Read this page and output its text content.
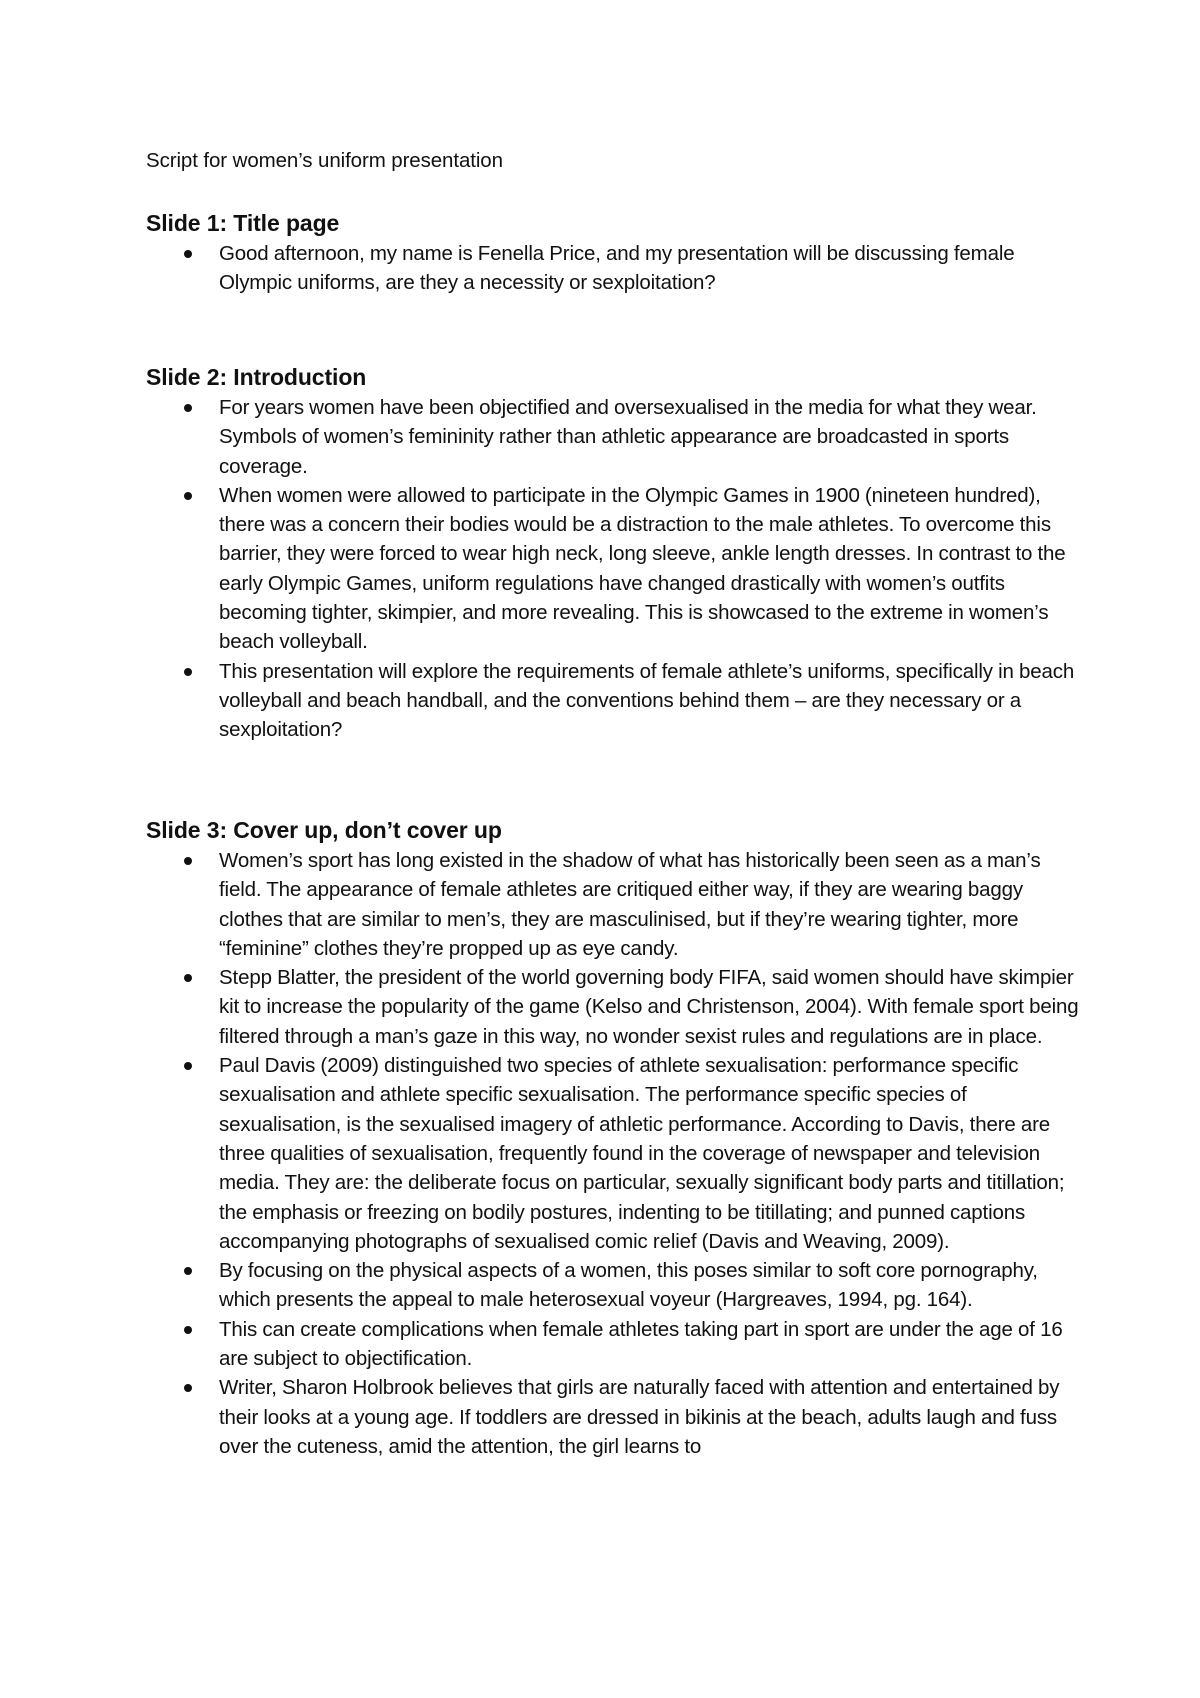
Script for women’s uniform presentation
Slide 1: Title page
Good afternoon, my name is Fenella Price, and my presentation will be discussing female Olympic uniforms, are they a necessity or sexploitation?
Slide 2: Introduction
For years women have been objectified and oversexualised in the media for what they wear. Symbols of women’s femininity rather than athletic appearance are broadcasted in sports coverage.
When women were allowed to participate in the Olympic Games in 1900 (nineteen hundred), there was a concern their bodies would be a distraction to the male athletes. To overcome this barrier, they were forced to wear high neck, long sleeve, ankle length dresses. In contrast to the early Olympic Games, uniform regulations have changed drastically with women’s outfits becoming tighter, skimpier, and more revealing. This is showcased to the extreme in women’s beach volleyball.
This presentation will explore the requirements of female athlete’s uniforms, specifically in beach volleyball and beach handball, and the conventions behind them – are they necessary or a sexploitation?
Slide 3: Cover up, don’t cover up
Women’s sport has long existed in the shadow of what has historically been seen as a man’s field. The appearance of female athletes are critiqued either way, if they are wearing baggy clothes that are similar to men’s, they are masculinised, but if they’re wearing tighter, more “feminine” clothes they’re propped up as eye candy.
Stepp Blatter, the president of the world governing body FIFA, said women should have skimpier kit to increase the popularity of the game (Kelso and Christenson, 2004). With female sport being filtered through a man’s gaze in this way, no wonder sexist rules and regulations are in place.
Paul Davis (2009) distinguished two species of athlete sexualisation: performance specific sexualisation and athlete specific sexualisation. The performance specific species of sexualisation, is the sexualised imagery of athletic performance. According to Davis, there are three qualities of sexualisation, frequently found in the coverage of newspaper and television media. They are: the deliberate focus on particular, sexually significant body parts and titillation; the emphasis or freezing on bodily postures, indenting to be titillating; and punned captions accompanying photographs of sexualised comic relief (Davis and Weaving, 2009).
By focusing on the physical aspects of a women, this poses similar to soft core pornography, which presents the appeal to male heterosexual voyeur (Hargreaves, 1994, pg. 164).
This can create complications when female athletes taking part in sport are under the age of 16 are subject to objectification.
Writer, Sharon Holbrook believes that girls are naturally faced with attention and entertained by their looks at a young age. If toddlers are dressed in bikinis at the beach, adults laugh and fuss over the cuteness, amid the attention, the girl learns to
